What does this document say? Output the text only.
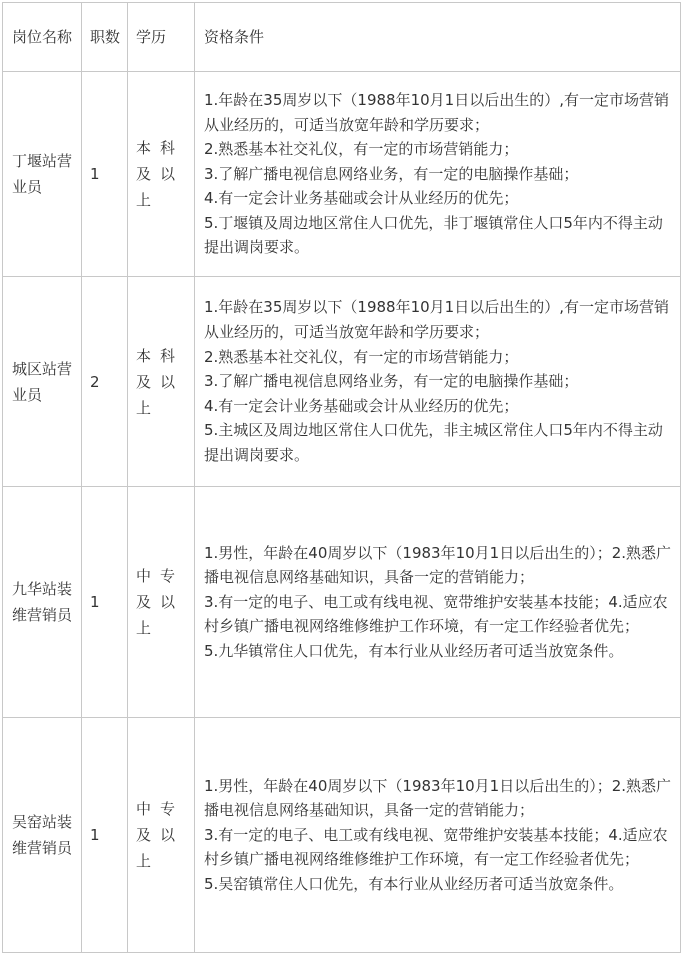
岗位名称	职数	学历	资格条件
丁堰站营业员	1	本科及以上	1.年龄在35周岁以下（1988年10月1日以后出生的）,有一定市场营销从业经历的，可适当放宽年龄和学历要求；
2.熟悉基本社交礼仪，有一定的市场营销能力；
3.了解广播电视信息网络业务，有一定的电脑操作基础；
4.有一定会计业务基础或会计从业经历的优先；
5.丁堰镇及周边地区常住人口优先，非丁堰镇常住人口5年内不得主动提出调岗要求。

城区站营业员	2	本科及以上	1.年龄在35周岁以下（1988年10月1日以后出生的）,有一定市场营销从业经历的，可适当放宽年龄和学历要求；
2.熟悉基本社交礼仪，有一定的市场营销能力；
3.了解广播电视信息网络业务，有一定的电脑操作基础；
4.有一定会计业务基础或会计从业经历的优先；
5.主城区及周边地区常住人口优先，非主城区常住人口5年内不得主动提出调岗要求。

九华站装维营销员	1	中专及以上	1.男性，年龄在40周岁以下（1983年10月1日以后出生的）；2.熟悉广播电视信息网络基础知识，具备一定的营销能力；
3.有一定的电子、电工或有线电视、宽带维护安装基本技能；4.适应农村乡镇广播电视网络维修维护工作环境，有一定工作经验者优先；
5.九华镇常住人口优先，有本行业从业经历者可适当放宽条件。

吴窑站装维营销员	1	中专及以上	1.男性，年龄在40周岁以下（1983年10月1日以后出生的）；2.熟悉广播电视信息网络基础知识，具备一定的营销能力；
3.有一定的电子、电工或有线电视、宽带维护安装基本技能；4.适应农村乡镇广播电视网络维修维护工作环境，有一定工作经验者优先；
5.吴窑镇常住人口优先，有本行业从业经历者可适当放宽条件。
